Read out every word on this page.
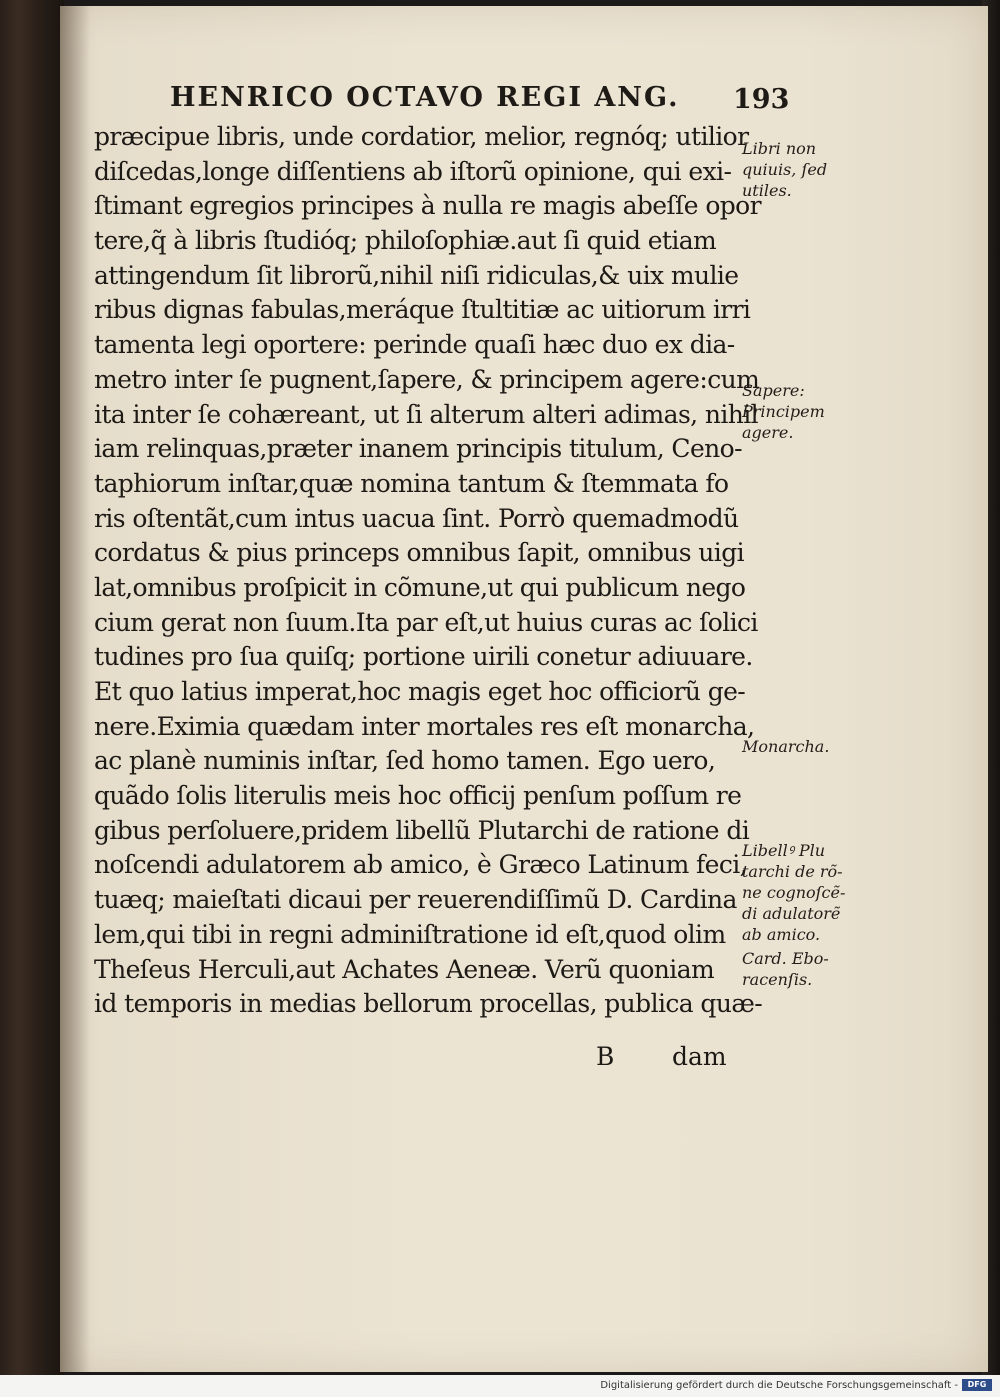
HENRICO OCTAVO REGI ANG. 193
præcipue libris, unde cordatior, melior, regnóq; utilior
diſcedas,longe diſſentiens ab iſtorũ opinione, qui exi-
ſtimant egregios principes à nulla re magis abeſſe opor
tere,q̃ à libris ſtudióq; philoſophiæ.aut ſi quid etiam
attingendum ſit librorũ,nihil niſi ridiculas,& uix mulie
ribus dignas fabulas,meráque ſtultitiæ ac uitiorum irri
tamenta legi oportere: perinde quaſi hæc duo ex dia-
metro inter ſe pugnent,ſapere, & principem agere:cum
ita inter ſe cohæreant, ut ſi alterum alteri adimas, nihil
iam relinquas,præter inanem principis titulum, Ceno-
taphiorum inſtar,quæ nomina tantum & ſtemmata fo
ris oſtentãt,cum intus uacua ſint. Porrò quemadmodũ
cordatus & pius princeps omnibus ſapit, omnibus uigi
lat,omnibus proſpicit in cõmune,ut qui publicum nego
cium gerat non ſuum.Ita par eſt,ut huius curas ac ſolici
tudines pro ſua quiſq; portione uirili conetur adiuuare.
Et quo latius imperat,hoc magis eget hoc officiorũ ge-
nere.Eximia quædam inter mortales res eſt monarcha,
ac planè numinis inſtar, ſed homo tamen. Ego uero,
quãdo ſolis literulis meis hoc officij penſum poſſum re
gibus perſoluere,pridem libellũ Plutarchi de ratione di
noſcendi adulatorem ab amico, è Græco Latinum feci,
tuæq; maieſtati dicaui per reuerendiſſimũ D. Cardina
lem,qui tibi in regni adminiſtratione id eſt,quod olim
Theſeus Herculi,aut Achates Aeneæ. Verũ quoniam
id temporis in medias bellorum procellas, publica quæ-
Libri non
quiuis, ſed
utiles.
Sapere:
Principem
agere.
Monarcha.
Libellꝰ Plu
tarchi de rõ-
ne cognoſcẽ-
di adulatorẽ
ab amico.
Card. Ebo-
racenſis.
B dam
Digitalisierung gefördert durch die Deutsche Forschungsgemeinschaft -	DFG
